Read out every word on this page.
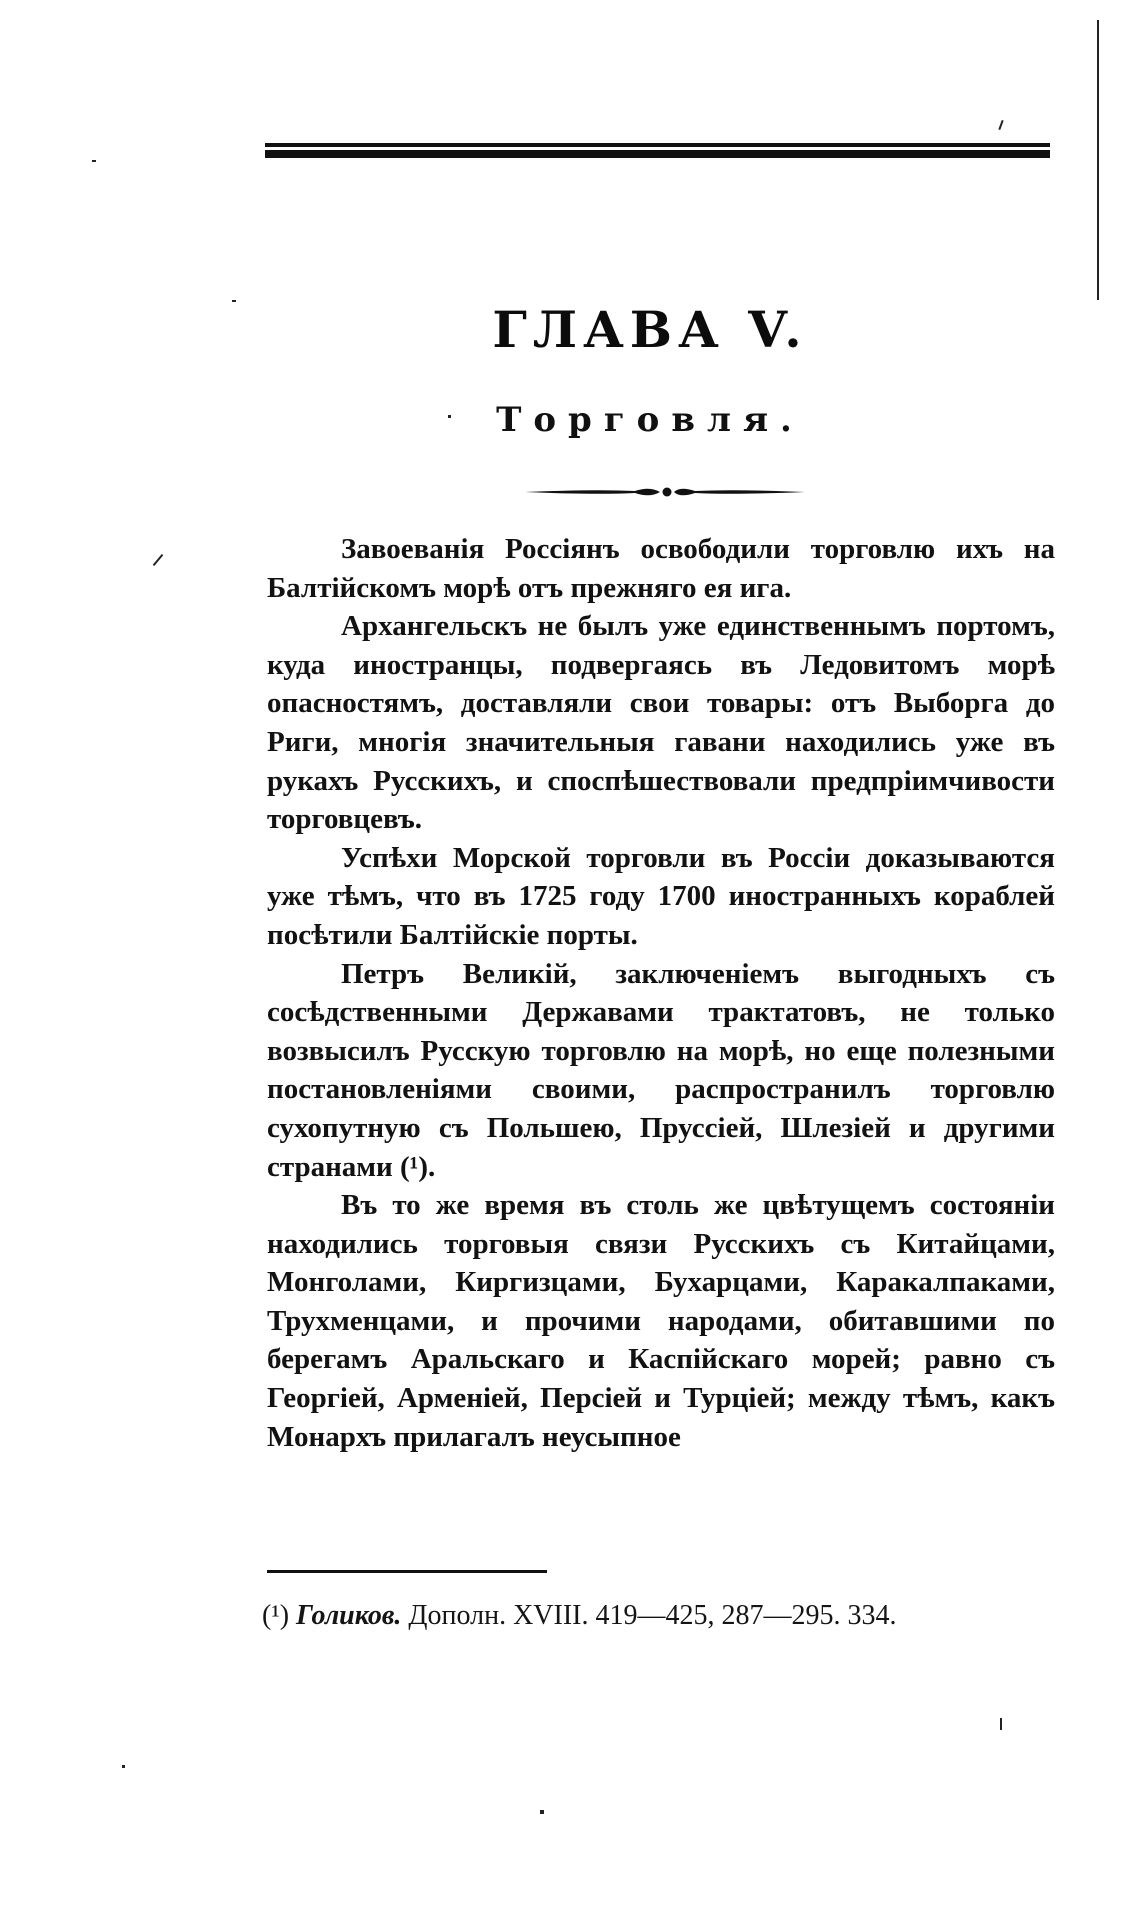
ГЛАВА V.
Торговля.

Завоеванія Россіянъ освободили торговлю ихъ на Балтійскомъ морѣ отъ прежняго ея ига.

Архангельскъ не былъ уже единственнымъ портомъ, куда иностранцы, подвергаясь въ Ледовитомъ морѣ опасностямъ, доставляли свои товары: отъ Выборга до Риги, многія значительныя гавани находились уже въ рукахъ Русскихъ, и споспѣшествовали предпріимчивости торговцевъ.

Успѣхи Морской торговли въ Россіи доказываются уже тѣмъ, что въ 1725 году 1700 иностранныхъ кораблей посѣтили Балтійскіе порты.

Петръ Великій, заключеніемъ выгодныхъ съ сосѣдственными Державами трактатовъ, не только возвысилъ Русскую торговлю на морѣ, но еще полезными постановленіями своими, распространилъ торговлю сухопутную съ Польшею, Пруссіей, Шлезіей и другими странами (¹).

Въ то же время въ столь же цвѣтущемъ состояніи находились торговыя связи Русскихъ съ Китайцами, Монголами, Киргизцами, Бухарцами, Каракалпаками, Трухменцами, и прочими народами, обитавшими по берегамъ Аральскаго и Каспійскаго морей; равно съ Георгіей, Арменіей, Персіей и Турціей; между тѣмъ, какъ Монархъ прилагалъ неусыпное

(¹) Голиков. Дополн. XVIII. 419—425, 287—295. 334.
